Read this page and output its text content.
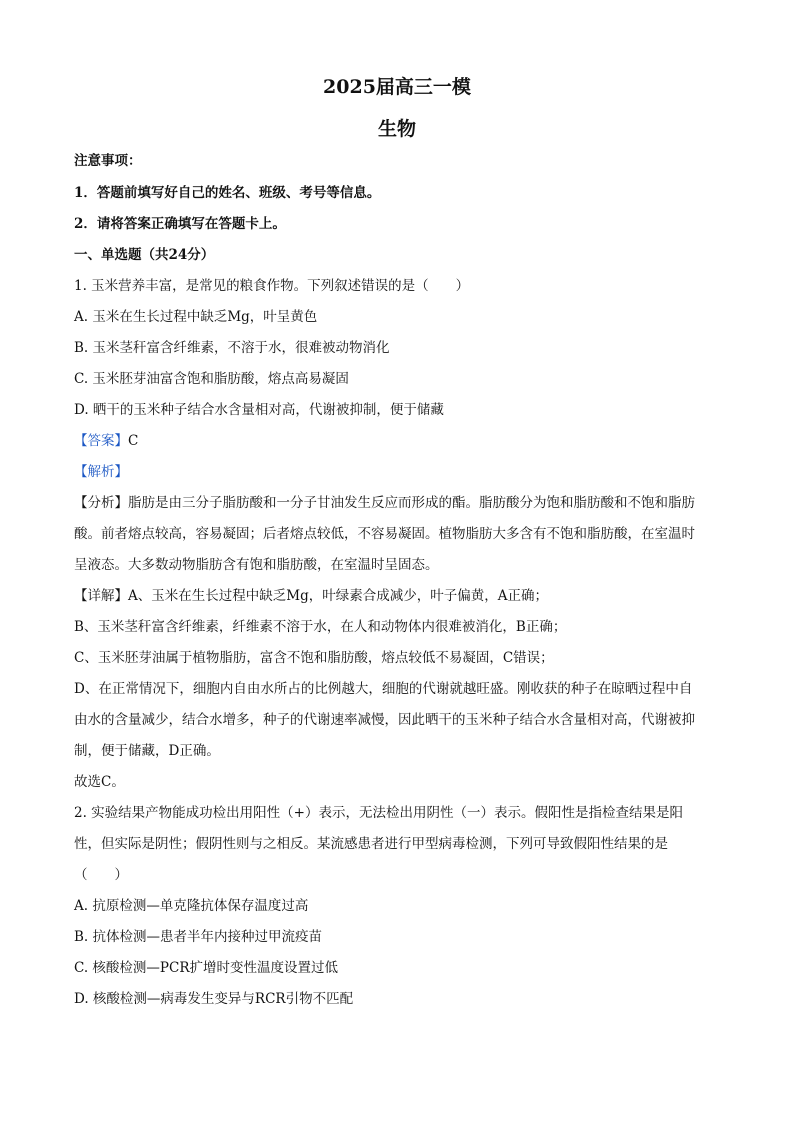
2025届高三一模
生物
注意事项：
1．答题前填写好自己的姓名、班级、考号等信息。
2．请将答案正确填写在答题卡上。
一、单选题（共24分）
1. 玉米营养丰富，是常见的粮食作物。下列叙述错误的是（　　）
A. 玉米在生长过程中缺乏Mg，叶呈黄色
B. 玉米茎秆富含纤维素，不溶于水，很难被动物消化
C. 玉米胚芽油富含饱和脂肪酸，熔点高易凝固
D. 晒干的玉米种子结合水含量相对高，代谢被抑制，便于储藏
【答案】C
【解析】
【分析】脂肪是由三分子脂肪酸和一分子甘油发生反应而形成的酯。脂肪酸分为饱和脂肪酸和不饱和脂肪
酸。前者熔点较高，容易凝固；后者熔点较低，不容易凝固。植物脂肪大多含有不饱和脂肪酸，在室温时
呈液态。大多数动物脂肪含有饱和脂肪酸，在室温时呈固态。
【详解】A、玉米在生长过程中缺乏Mg，叶绿素合成减少，叶子偏黄，A正确；
B、玉米茎秆富含纤维素，纤维素不溶于水，在人和动物体内很难被消化，B正确；
C、玉米胚芽油属于植物脂肪，富含不饱和脂肪酸，熔点较低不易凝固，C错误；
D、在正常情况下，细胞内自由水所占的比例越大，细胞的代谢就越旺盛。刚收获的种子在晾晒过程中自
由水的含量减少，结合水增多，种子的代谢速率减慢，因此晒干的玉米种子结合水含量相对高，代谢被抑
制，便于储藏，D正确。
故选C。
2. 实验结果产物能成功检出用阳性（+）表示，无法检出用阴性（一）表示。假阳性是指检查结果是阳
性，但实际是阴性；假阴性则与之相反。某流感患者进行甲型病毒检测，下列可导致假阳性结果的是
（　　）
A. 抗原检测—单克隆抗体保存温度过高
B. 抗体检测—患者半年内接种过甲流疫苗
C. 核酸检测—PCR扩增时变性温度设置过低
D. 核酸检测—病毒发生变异与RCR引物不匹配
